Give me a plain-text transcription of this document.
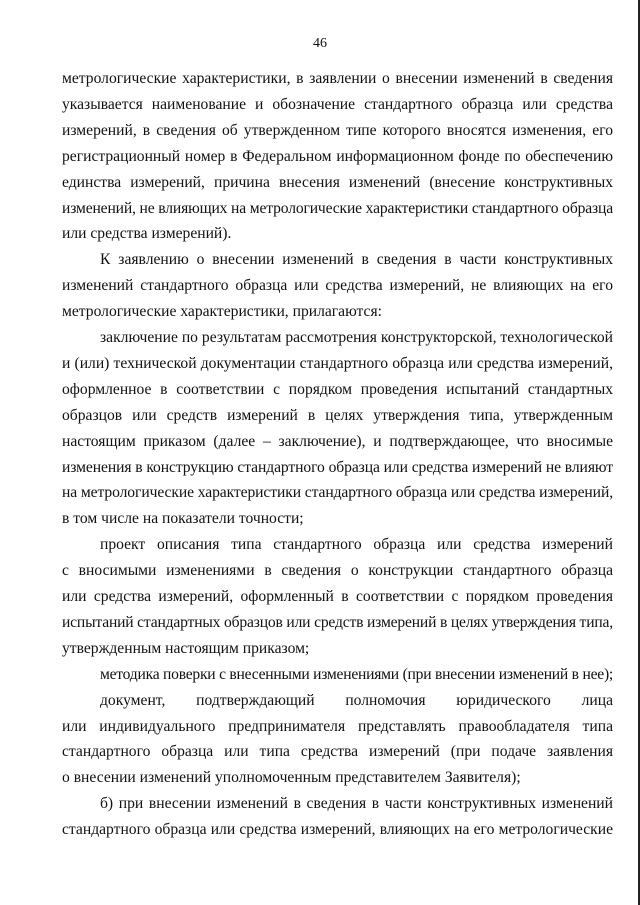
46
метрологические характеристики, в заявлении о внесении изменений в сведения
указывается наименование и обозначение стандартного образца или средства
измерений, в сведения об утвержденном типе которого вносятся изменения, его
регистрационный номер в Федеральном информационном фонде по обеспечению
единства измерений, причина внесения изменений (внесение конструктивных
изменений, не влияющих на метрологические характеристики стандартного образца
или средства измерений).
К заявлению о внесении изменений в сведения в части конструктивных
изменений стандартного образца или средства измерений, не влияющих на его
метрологические характеристики, прилагаются:
заключение по результатам рассмотрения конструкторской, технологической
и (или) технической документации стандартного образца или средства измерений,
оформленное в соответствии с порядком проведения испытаний стандартных
образцов или средств измерений в целях утверждения типа, утвержденным
настоящим приказом (далее – заключение), и подтверждающее, что вносимые
изменения в конструкцию стандартного образца или средства измерений не влияют
на метрологические характеристики стандартного образца или средства измерений,
в том числе на показатели точности;
проект описания типа стандартного образца или средства измерений
с вносимыми изменениями в сведения о конструкции стандартного образца
или средства измерений, оформленный в соответствии с порядком проведения
испытаний стандартных образцов или средств измерений в целях утверждения типа,
утвержденным настоящим приказом;
методика поверки с внесенными изменениями (при внесении изменений в нее);
документ, подтверждающий полномочия юридического лица
или индивидуального предпринимателя представлять правообладателя типа
стандартного образца или типа средства измерений (при подаче заявления
о внесении изменений уполномоченным представителем Заявителя);
б) при внесении изменений в сведения в части конструктивных изменений
стандартного образца или средства измерений, влияющих на его метрологические
